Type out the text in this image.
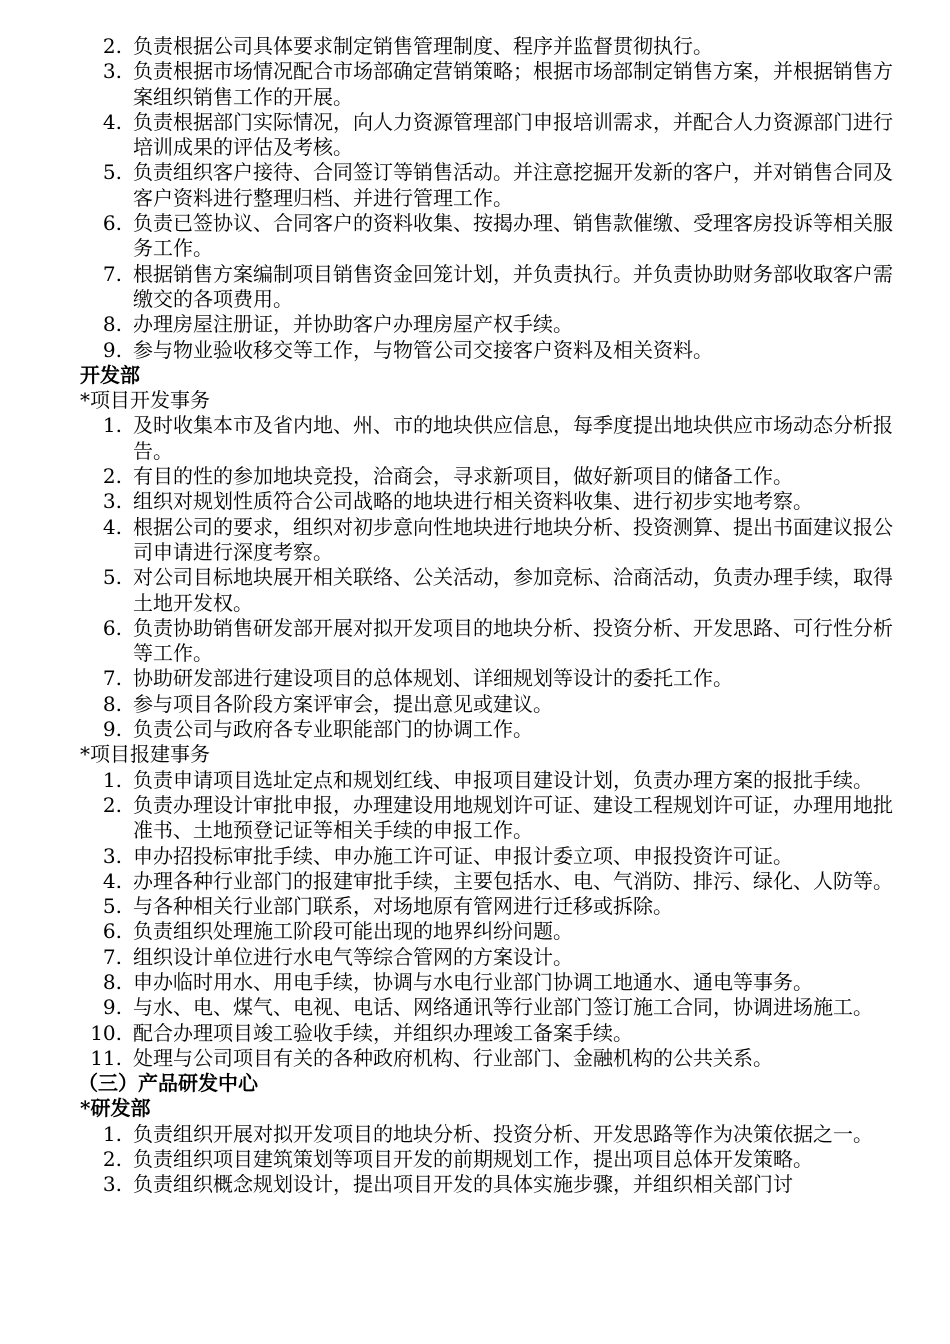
2. 负责根据公司具体要求制定销售管理制度、程序并监督贯彻执行。
3. 负责根据市场情况配合市场部确定营销策略；根据市场部制定销售方案，并根据销售方案组织销售工作的开展。
4. 负责根据部门实际情况，向人力资源管理部门申报培训需求，并配合人力资源部门进行培训成果的评估及考核。
5. 负责组织客户接待、合同签订等销售活动。并注意挖掘开发新的客户，并对销售合同及客户资料进行整理归档、并进行管理工作。
6. 负责已签协议、合同客户的资料收集、按揭办理、销售款催缴、受理客房投诉等相关服务工作。
7. 根据销售方案编制项目销售资金回笼计划，并负责执行。并负责协助财务部收取客户需缴交的各项费用。
8. 办理房屋注册证，并协助客户办理房屋产权手续。
9. 参与物业验收移交等工作，与物管公司交接客户资料及相关资料。
开发部
*项目开发事务
1. 及时收集本市及省内地、州、市的地块供应信息，每季度提出地块供应市场动态分析报告。
2. 有目的性的参加地块竞投，洽商会，寻求新项目，做好新项目的储备工作。
3. 组织对规划性质符合公司战略的地块进行相关资料收集、进行初步实地考察。
4. 根据公司的要求，组织对初步意向性地块进行地块分析、投资测算、提出书面建议报公司申请进行深度考察。
5. 对公司目标地块展开相关联络、公关活动，参加竞标、洽商活动，负责办理手续，取得土地开发权。
6. 负责协助销售研发部开展对拟开发项目的地块分析、投资分析、开发思路、可行性分析等工作。
7. 协助研发部进行建设项目的总体规划、详细规划等设计的委托工作。
8. 参与项目各阶段方案评审会，提出意见或建议。
9. 负责公司与政府各专业职能部门的协调工作。
*项目报建事务
1. 负责申请项目选址定点和规划红线、申报项目建设计划，负责办理方案的报批手续。
2. 负责办理设计审批申报，办理建设用地规划许可证、建设工程规划许可证，办理用地批准书、土地预登记证等相关手续的申报工作。
3. 申办招投标审批手续、申办施工许可证、申报计委立项、申报投资许可证。
4. 办理各种行业部门的报建审批手续，主要包括水、电、气消防、排污、绿化、人防等。
5. 与各种相关行业部门联系，对场地原有管网进行迁移或拆除。
6. 负责组织处理施工阶段可能出现的地界纠纷问题。
7. 组织设计单位进行水电气等综合管网的方案设计。
8. 申办临时用水、用电手续，协调与水电行业部门协调工地通水、通电等事务。
9. 与水、电、煤气、电视、电话、网络通讯等行业部门签订施工合同，协调进场施工。
10. 配合办理项目竣工验收手续，并组织办理竣工备案手续。
11. 处理与公司项目有关的各种政府机构、行业部门、金融机构的公共关系。
（三）产品研发中心
*研发部
1. 负责组织开展对拟开发项目的地块分析、投资分析、开发思路等作为决策依据之一。
2. 负责组织项目建筑策划等项目开发的前期规划工作，提出项目总体开发策略。
3. 负责组织概念规划设计，提出项目开发的具体实施步骤，并组织相关部门讨
